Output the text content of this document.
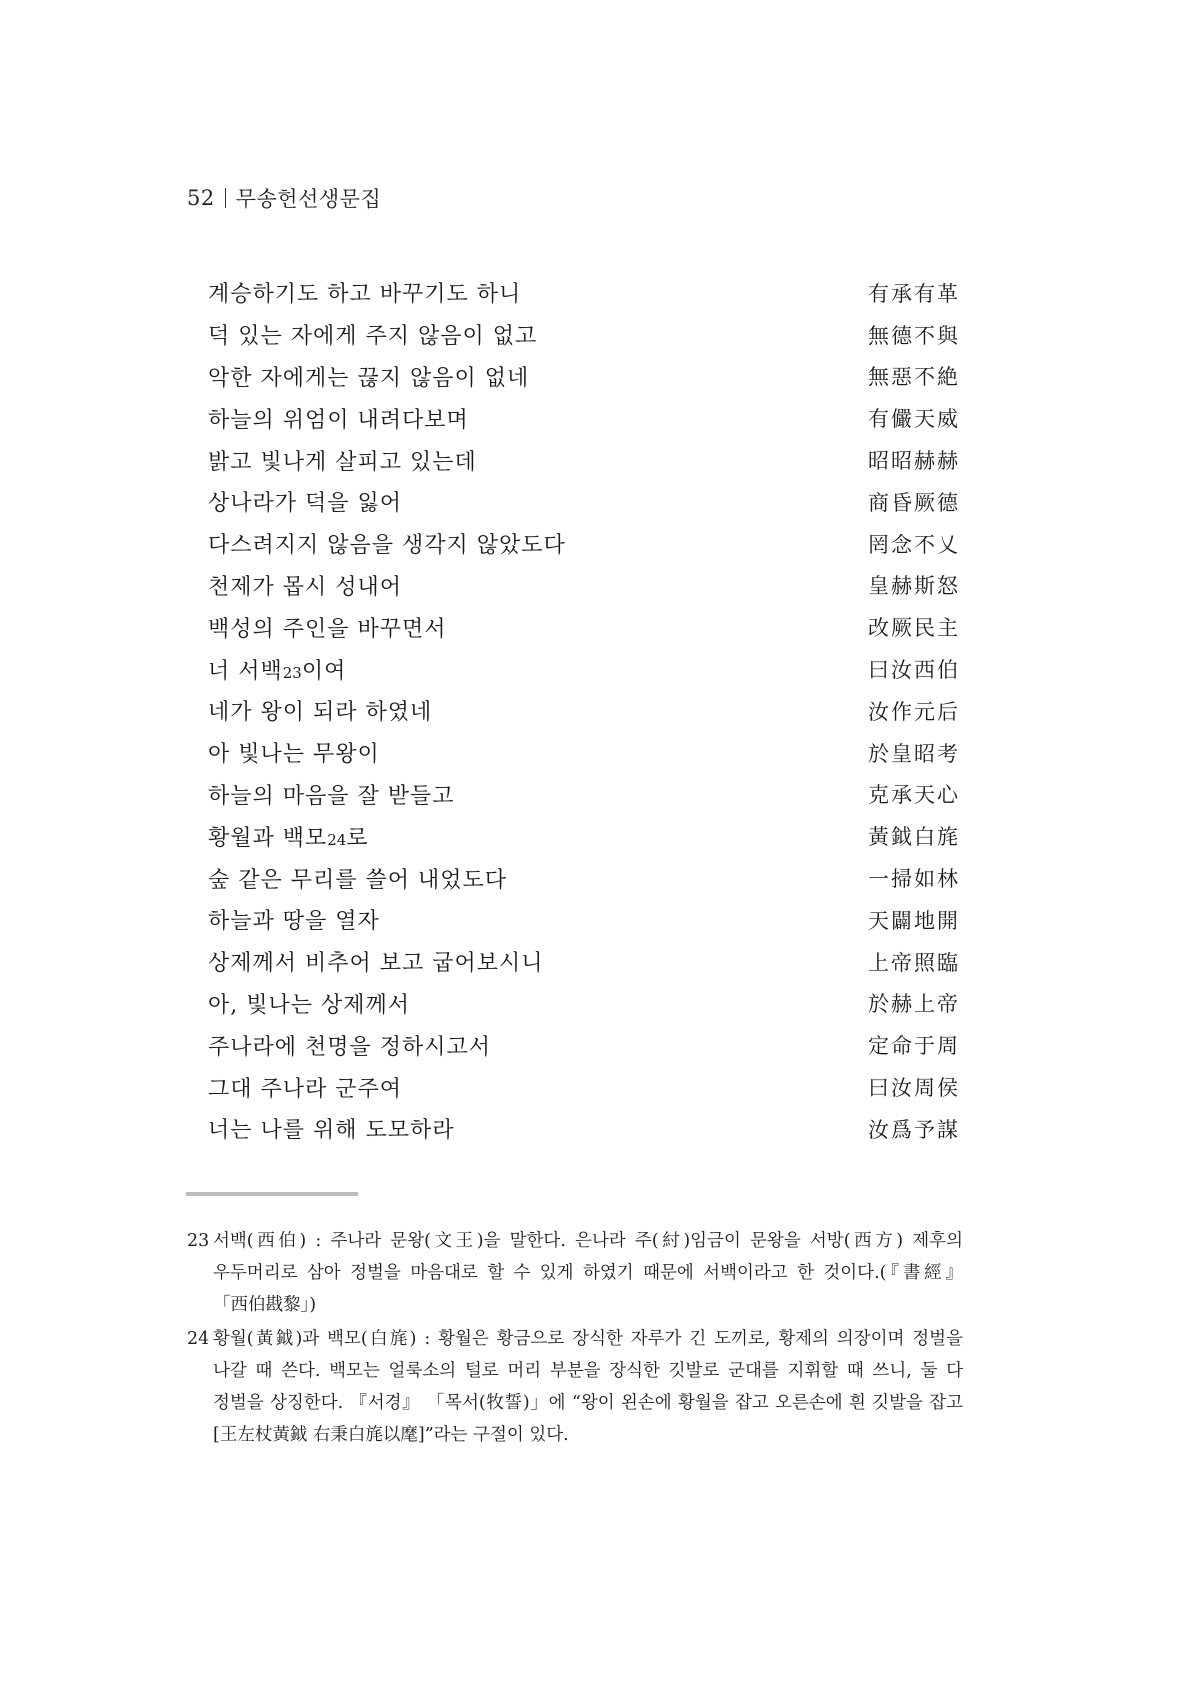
52 무송헌선생문집
계승하기도 하고 바꾸기도 하니	有承有革
덕 있는 자에게 주지 않음이 없고	無德不與
악한 자에게는 끊지 않음이 없네	無惡不絶
하늘의 위엄이 내려다보며	有儼天威
밝고 빛나게 살피고 있는데	昭昭赫赫
상나라가 덕을 잃어	商昏厥德
다스려지지 않음을 생각지 않았도다	罔念不乂
천제가 몹시 성내어	皇赫斯怒
백성의 주인을 바꾸면서	改厥民主
너 서백23이여	曰汝西伯
네가 왕이 되라 하였네	汝作元后
아 빛나는 무왕이	於皇昭考
하늘의 마음을 잘 받들고	克承天心
황월과 백모24로	黃鉞白旄
숲 같은 무리를 쓸어 내었도다	一掃如林
하늘과 땅을 열자	天闢地開
상제께서 비추어 보고 굽어보시니	上帝照臨
아, 빛나는 상제께서	於赫上帝
주나라에 천명을 정하시고서	定命于周
그대 주나라 군주여	曰汝周侯
너는 나를 위해 도모하라	汝爲予謀
23 서백(西伯) : 주나라 문왕(文王)을 말한다. 은나라 주(紂)임금이 문왕을 서방(西方) 제후의 우두머리로 삼아 정벌을 마음대로 할 수 있게 하였기 때문에 서백이라고 한 것이다.(『書經』 「西伯戡黎」)
24 황월(黃鉞)과 백모(白旄) : 황월은 황금으로 장식한 자루가 긴 도끼로, 황제의 의장이며 정벌을 나갈 때 쓴다. 백모는 얼룩소의 털로 머리 부분을 장식한 깃발로 군대를 지휘할 때 쓰니, 둘 다 정벌을 상징한다. 『서경』 「목서(牧誓)」에 “왕이 왼손에 황월을 잡고 오른손에 흰 깃발을 잡고[王左杖黃鉞 右秉白旄以麾]”라는 구절이 있다.
